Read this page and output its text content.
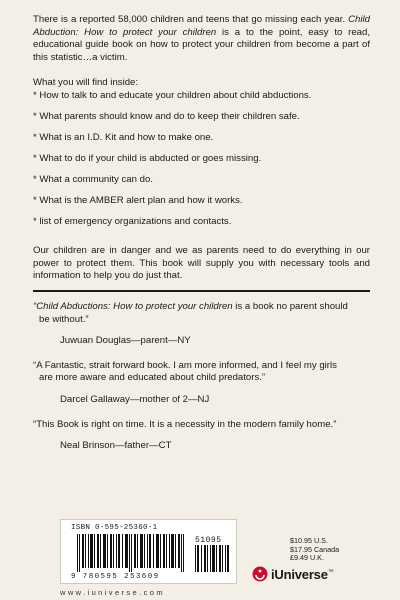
There is a reported 58,000 children and teens that go missing each year. Child Abduction: How to protect your children is a to the point, easy to read, educational guide book on how to protect your children from become a part of this statistic…a victim.
What you will find inside:
* How to talk to and educate your children about child abductions.
* What parents should know and do to keep their children safe.
* What is an I.D. Kit and how to make one.
* What to do if your child is abducted or goes missing.
* What a community can do.
* What is the AMBER alert plan and how it works.
* list of emergency organizations and contacts.
Our children are in danger and we as parents need to do everything in our power to protect them. This book will supply you with necessary tools and information to help you do just that.
“Child Abductions: How to protect your children is a book no parent should
be without.”
Juwuan Douglas—parent—NY
“A Fantastic, strait forward book. I am more informed, and I feel my girls
are more aware and educated about child predators.”
Darcel Gallaway—mother of 2—NJ
“This Book is right on time. It is a necessity in the modern family home.”
Neal Brinson—father—CT
ISBN 0-595-25360-1
51095
9 780595 253609
$10.95 U.S.
$17.95 Canada
£9.49 U.K.
iUniverse™
www.iuniverse.com
